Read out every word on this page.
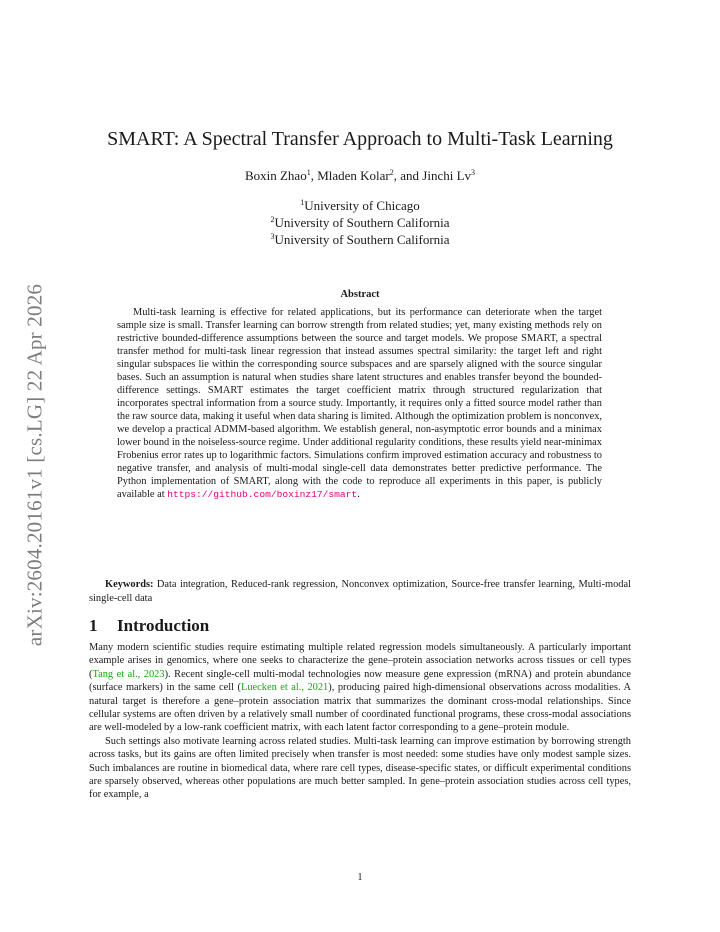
arXiv:2604.20161v1 [cs.LG] 22 Apr 2026
SMART: A Spectral Transfer Approach to Multi-Task Learning
Boxin Zhao$^1$, Mladen Kolar$^2$, and Jinchi Lv$^3$
$^1$University of Chicago
$^2$University of Southern California
$^3$University of Southern California
Abstract

Multi-task learning is effective for related applications, but its performance can deteriorate when the target sample size is small. Transfer learning can borrow strength from related studies; yet, many existing methods rely on restrictive bounded-difference assumptions between the source and target models. We propose SMART, a spectral transfer method for multi-task linear regression that instead assumes spectral similarity: the target left and right singular subspaces lie within the corresponding source subspaces and are sparsely aligned with the source singular bases. Such an assumption is natural when studies share latent structures and enables transfer beyond the bounded-difference settings. SMART estimates the target coefficient matrix through structured regularization that incorporates spectral information from a source study. Importantly, it requires only a fitted source model rather than the raw source data, making it useful when data sharing is limited. Although the optimization problem is nonconvex, we develop a practical ADMM-based algorithm. We establish general, non-asymptotic error bounds and a minimax lower bound in the noiseless-source regime. Under additional regularity conditions, these results yield near-minimax Frobenius error rates up to logarithmic factors. Simulations confirm improved estimation accuracy and robustness to negative transfer, and analysis of multi-modal single-cell data demonstrates better predictive performance. The Python implementation of SMART, along with the code to reproduce all experiments in this paper, is publicly available at https://github.com/boxinz17/smart.

Keywords: Data integration, Reduced-rank regression, Nonconvex optimization, Source-free transfer learning, Multi-modal single-cell data

1 Introduction

Many modern scientific studies require estimating multiple related regression models simultaneously. A particularly important example arises in genomics, where one seeks to characterize the gene–protein association networks across tissues or cell types (Tang et al., 2023). Recent single-cell multi-modal technologies now measure gene expression (mRNA) and protein abundance (surface markers) in the same cell (Luecken et al., 2021), producing paired high-dimensional observations across modalities. A natural target is therefore a gene–protein association matrix that summarizes the dominant cross-modal relationships. Since cellular systems are often driven by a relatively small number of coordinated functional programs, these cross-modal associations are well-modeled by a low-rank coefficient matrix, with each latent factor corresponding to a gene–protein module.

Such settings also motivate learning across related studies. Multi-task learning can improve estimation by borrowing strength across tasks, but its gains are often limited precisely when transfer is most needed: some studies have only modest sample sizes. Such imbalances are routine in biomedical data, where rare cell types, disease-specific states, or difficult experimental conditions are sparsely observed, whereas other populations are much better sampled. In gene–protein association studies across cell types, for example, a

1
